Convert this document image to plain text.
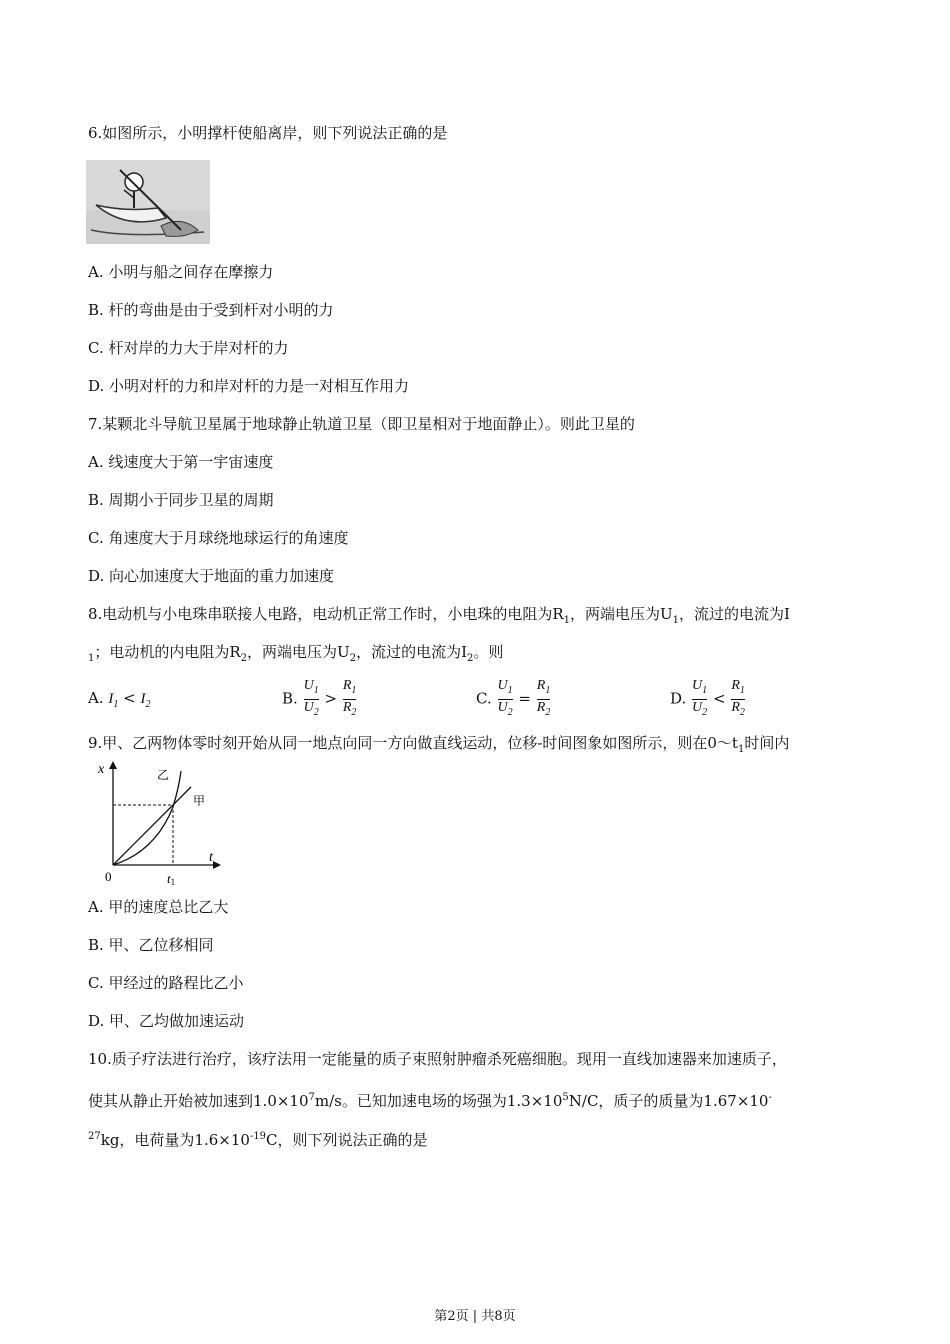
6.如图所示，小明撑杆使船离岸，则下列说法正确的是
A. 小明与船之间存在摩擦力
B. 杆的弯曲是由于受到杆对小明的力
C. 杆对岸的力大于岸对杆的力
D. 小明对杆的力和岸对杆的力是一对相互作用力
7.某颗北斗导航卫星属于地球静止轨道卫星（即卫星相对于地面静止）。则此卫星的
A. 线速度大于第一宇宙速度
B. 周期小于同步卫星的周期
C. 角速度大于月球绕地球运行的角速度
D. 向心加速度大于地面的重力加速度
8.电动机与小电珠串联接人电路，电动机正常工作时，小电珠的电阻为$R_1$，两端电压为$U_1$，流过的电流为I
$_1$；电动机的内电阻为$R_2$，两端电压为$U_2$，流过的电流为$I_2$。则
A. $I_1 < I_2$	B. $\frac{U_1}{U_2} > \frac{R_1}{R_2}$	C. $\frac{U_1}{U_2} = \frac{R_1}{R_2}$	D. $\frac{U_1}{U_2} < \frac{R_1}{R_2}$
9.甲、乙两物体零时刻开始从同一地点向同一方向做直线运动，位移-时间图象如图所示，则在$0\sim t_1$时间内
x
t
0	t1
甲
乙
A. 甲的速度总比乙大
B. 甲、乙位移相同
C. 甲经过的路程比乙小
D. 甲、乙均做加速运动
10.质子疗法进行治疗，该疗法用一定能量的质子束照射肿瘤杀死癌细胞。现用一直线加速器来加速质子，
使其从静止开始被加速到$1.0\times 10^7m/s$。已知加速电场的场强为$1.3\times 10^5N/C$，质子的质量为1.67×10-
$^{27}$kg，电荷量为$1.6\times 10^{-19}C$，则下列说法正确的是
第2页 | 共8页
